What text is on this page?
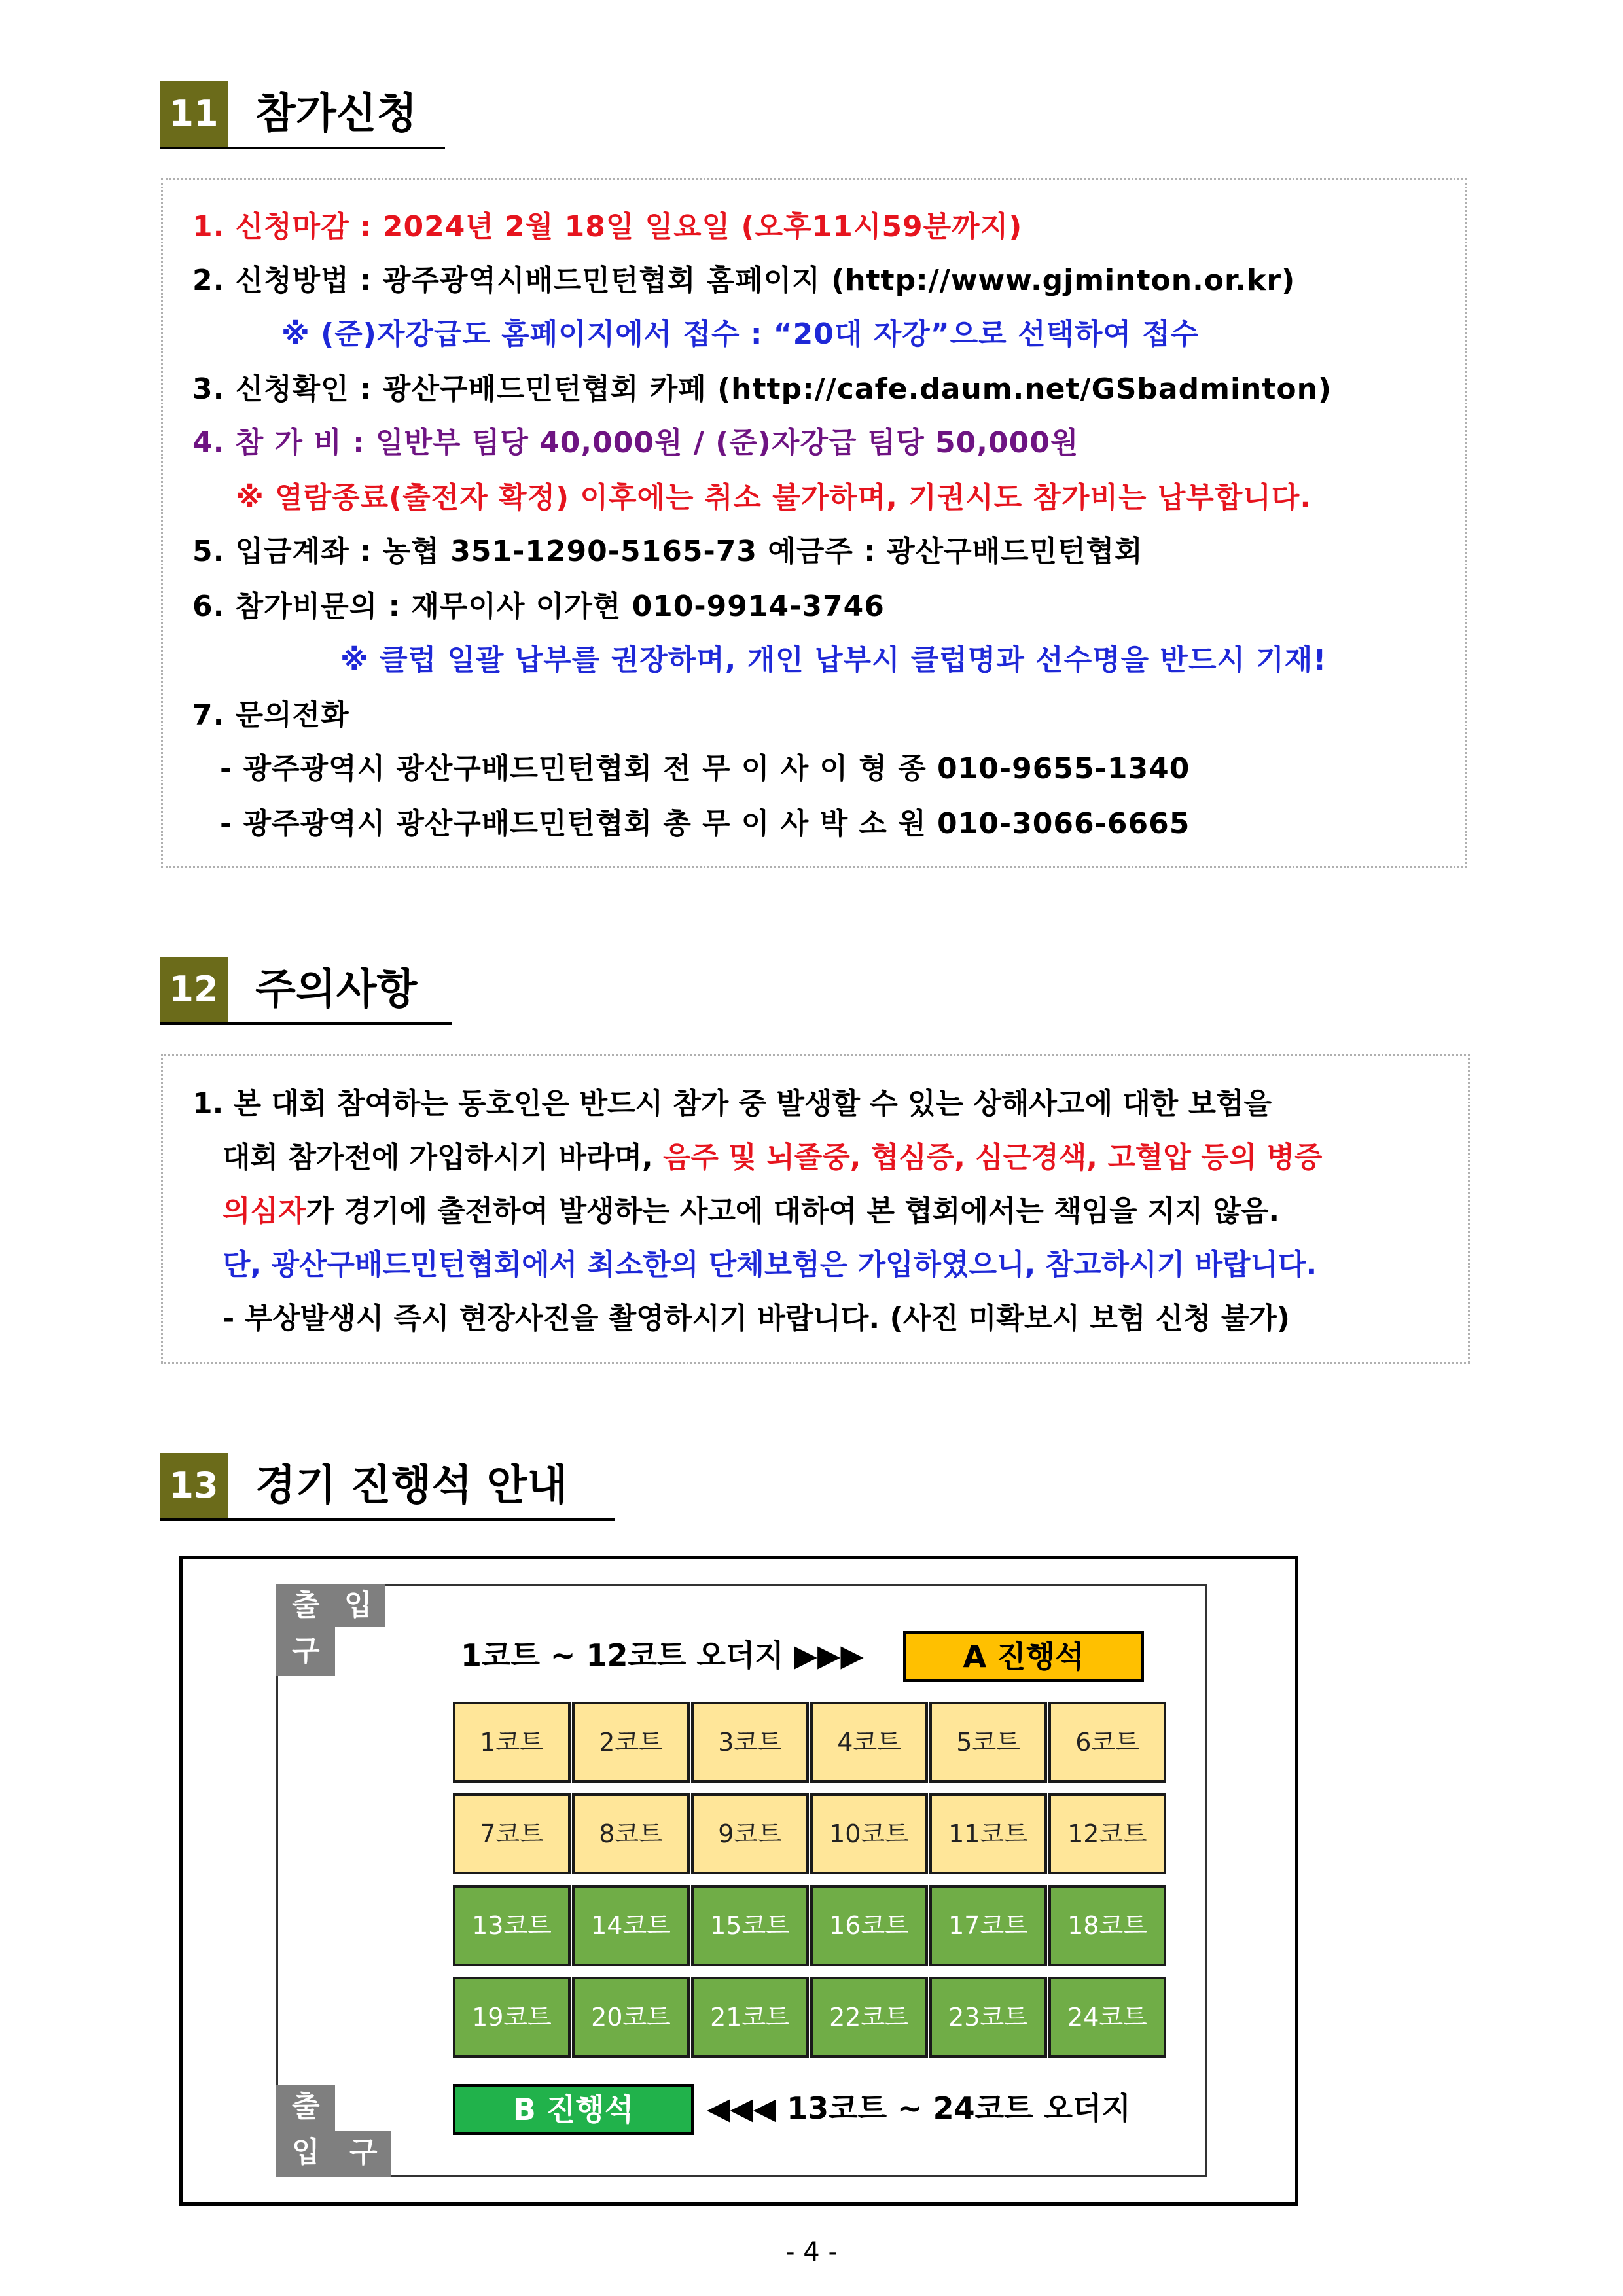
11 참가신청
1. 신청마감 : 2024년 2월 18일 일요일 (오후11시59분까지)
2. 신청방법 : 광주광역시배드민턴협회 홈페이지 (http://www.gjminton.or.kr)
※ (준)자강급도 홈페이지에서 접수 : “20대 자강”으로 선택하여 접수
3. 신청확인 : 광산구배드민턴협회 카페 (http://cafe.daum.net/GSbadminton)
4. 참 가 비 : 일반부 팀당 40,000원 / (준)자강급 팀당 50,000원
※ 열람종료(출전자 확정) 이후에는 취소 불가하며, 기권시도 참가비는 납부합니다.
5. 입금계좌 : 농협 351-1290-5165-73 예금주 : 광산구배드민턴협회
6. 참가비문의 : 재무이사 이가현 010-9914-3746
※ 클럽 일괄 납부를 권장하며, 개인 납부시 클럽명과 선수명을 반드시 기재!
7. 문의전화
- 광주광역시 광산구배드민턴협회 전 무 이 사 이 형 종 010-9655-1340
- 광주광역시 광산구배드민턴협회 총 무 이 사 박 소 원 010-3066-6665
12 주의사항
1. 본 대회 참여하는 동호인은 반드시 참가 중 발생할 수 있는 상해사고에 대한 보험을
대회 참가전에 가입하시기 바라며, 음주 및 뇌졸중, 협심증, 심근경색, 고혈압 등의 병증
의심자가 경기에 출전하여 발생하는 사고에 대하여 본 협회에서는 책임을 지지 않음.
단, 광산구배드민턴협회에서 최소한의 단체보험은 가입하였으니, 참고하시기 바랍니다.
- 부상발생시 즉시 현장사진을 촬영하시기 바랍니다. (사진 미확보시 보험 신청 불가)
13 경기 진행석 안내
출 입
구
출
입 구
1코트 ~ 12코트 오더지 ▶▶▶	A 진행석
B 진행석	◀◀◀ 13코트 ~ 24코트 오더지
1코트	2코트	3코트	4코트	5코트	6코트
7코트	8코트	9코트	10코트	11코트	12코트
13코트	14코트	15코트	16코트	17코트	18코트
19코트	20코트	21코트	22코트	23코트	24코트
- 4 -
